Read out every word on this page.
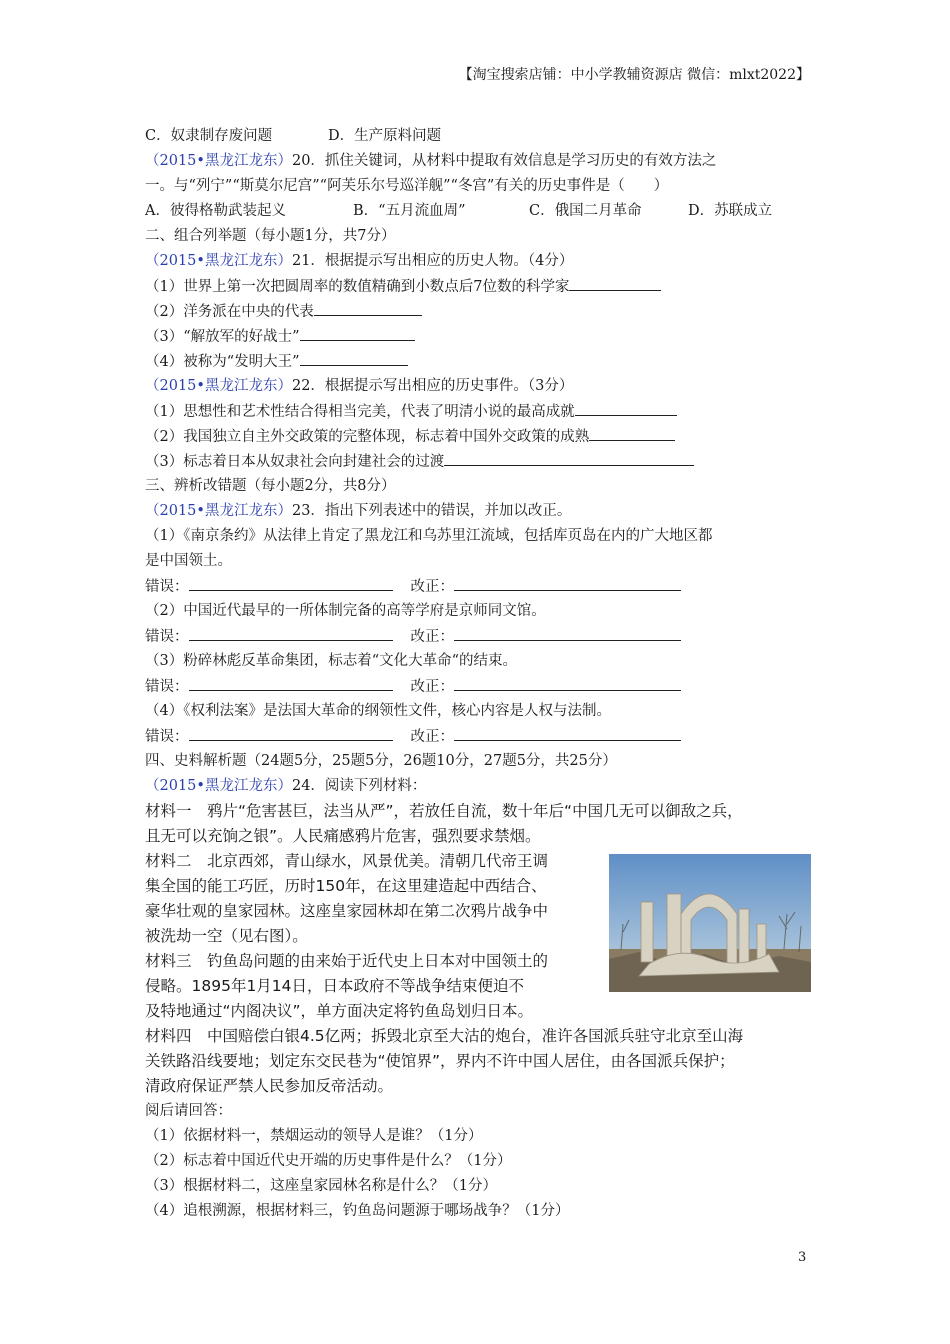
【淘宝搜索店铺：中小学教辅资源店 微信：mlxt2022】
C．奴隶制存废问题	D．生产原料问题
（2015•黑龙江龙东）20．抓住关键词，从材料中提取有效信息是学习历史的有效方法之
一。与“列宁”“斯莫尔尼宫”“阿芙乐尔号巡洋舰”“冬宫”有关的历史事件是（　　）
A．彼得格勒武装起义	B．“五月流血周”	C．俄国二月革命	D．苏联成立
二、组合列举题（每小题1分，共7分）
（2015•黑龙江龙东）21．根据提示写出相应的历史人物。（4分）
（1）世界上第一次把圆周率的数值精确到小数点后7位数的科学家
（2）洋务派在中央的代表
（3）“解放军的好战士”
（4）被称为“发明大王”
（2015•黑龙江龙东）22．根据提示写出相应的历史事件。（3分）
（1）思想性和艺术性结合得相当完美，代表了明清小说的最高成就
（2）我国独立自主外交政策的完整体现，标志着中国外交政策的成熟
（3）标志着日本从奴隶社会向封建社会的过渡
三、辨析改错题（每小题2分，共8分）
（2015•黑龙江龙东）23．指出下列表述中的错误，并加以改正。
（1）《南京条约》从法律上肯定了黑龙江和乌苏里江流域，包括库页岛在内的广大地区都
是中国领土。
错误：	改正：
（2）中国近代最早的一所体制完备的高等学府是京师同文馆。
错误：	改正：
（3）粉碎林彪反革命集团，标志着“文化大革命“的结束。
错误：	改正：
（4）《权利法案》是法国大革命的纲领性文件，核心内容是人权与法制。
错误：	改正：
四、史料解析题（24题5分，25题5分，26题10分，27题5分，共25分）
（2015•黑龙江龙东）24．阅读下列材料：
材料一　鸦片“危害甚巨，法当从严”，若放任自流，数十年后“中国几无可以御敌之兵，
且无可以充饷之银”。人民痛感鸦片危害，强烈要求禁烟。
材料二　北京西郊，青山绿水，风景优美。清朝几代帝王调
集全国的能工巧匠，历时150年，在这里建造起中西结合、
豪华壮观的皇家园林。这座皇家园林却在第二次鸦片战争中
被洗劫一空（见右图）。
材料三　钓鱼岛问题的由来始于近代史上日本对中国领土的
侵略。1895年1月14日，日本政府不等战争结束便迫不
及特地通过“内阁决议”，单方面决定将钓鱼岛划归日本。
材料四　中国赔偿白银4.5亿两；拆毁北京至大沽的炮台，准许各国派兵驻守北京至山海
关铁路沿线要地；划定东交民巷为“使馆界”，界内不许中国人居住，由各国派兵保护；
清政府保证严禁人民参加反帝活动。
阅后请回答：
（1）依据材料一，禁烟运动的领导人是谁？（1分）
（2）标志着中国近代史开端的历史事件是什么？（1分）
（3）根据材料二，这座皇家园林名称是什么？（1分）
（4）追根溯源，根据材料三，钓鱼岛问题源于哪场战争？（1分）
3
